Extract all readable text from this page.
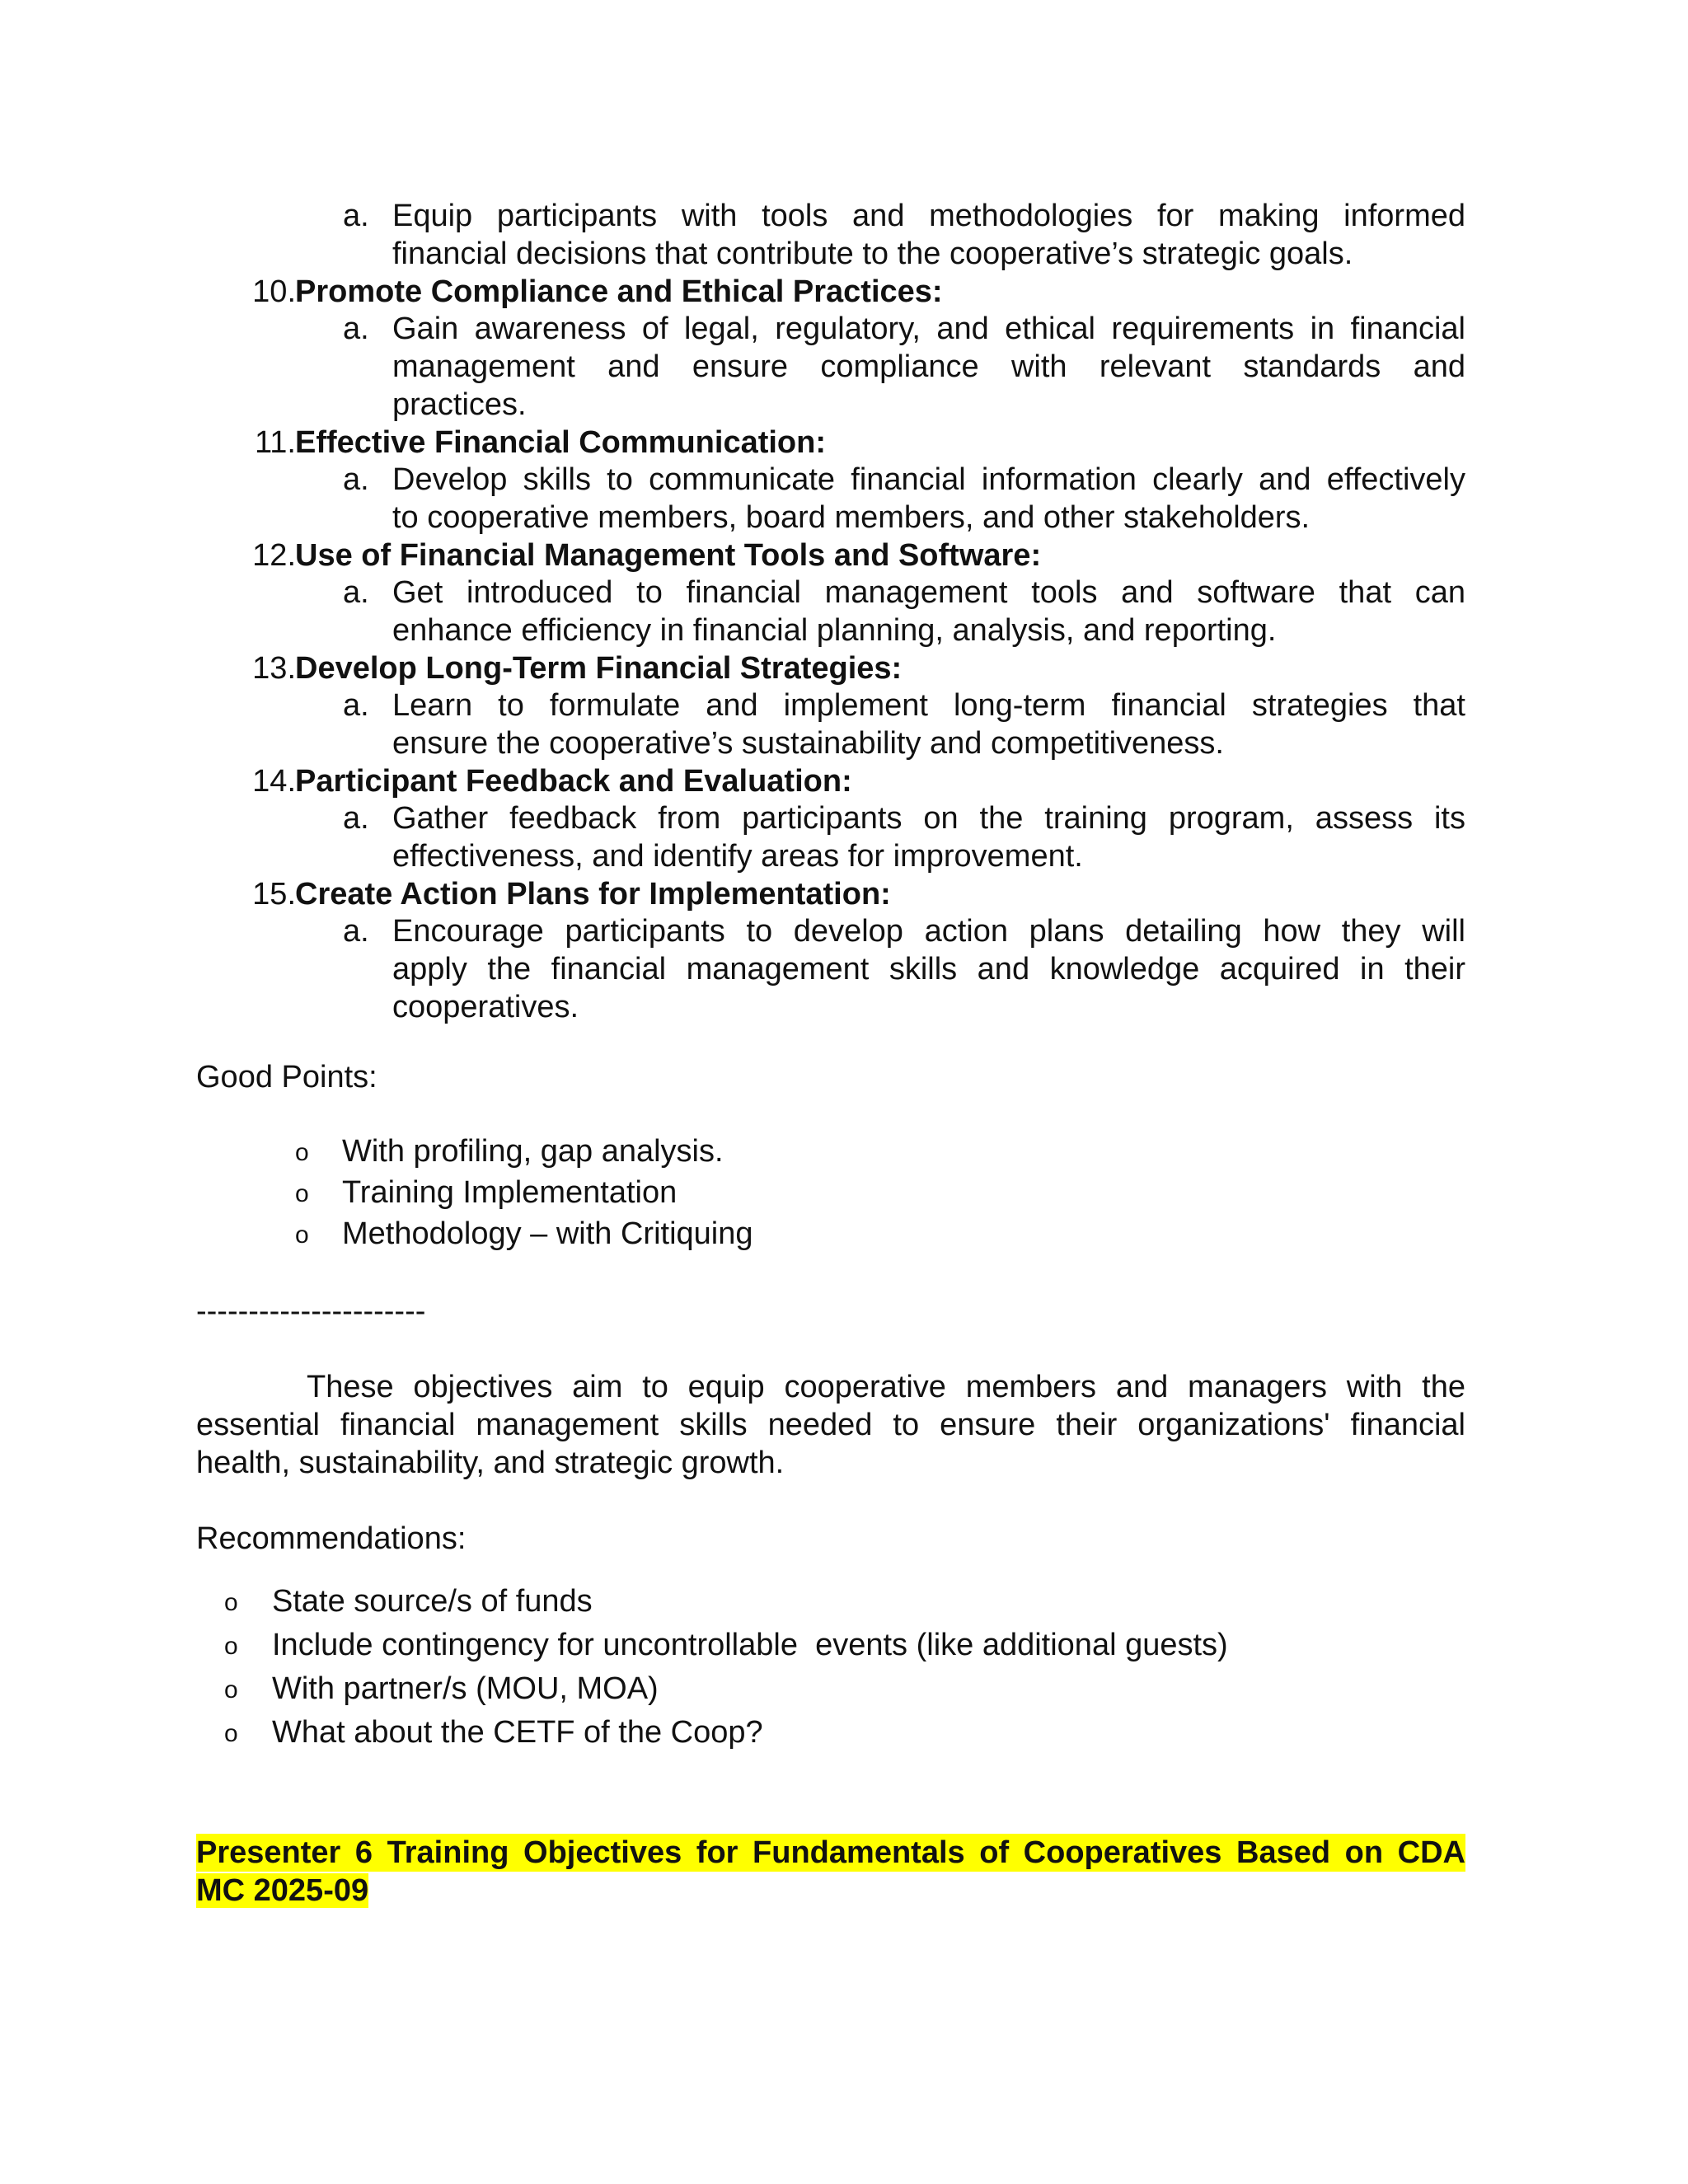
a. Equip participants with tools and methodologies for making informed
financial decisions that contribute to the cooperative’s strategic goals.
10. Promote Compliance and Ethical Practices:
a. Gain awareness of legal, regulatory, and ethical requirements in financial
management and ensure compliance with relevant standards and
practices.
11. Effective Financial Communication:
a. Develop skills to communicate financial information clearly and effectively
to cooperative members, board members, and other stakeholders.
12. Use of Financial Management Tools and Software:
a. Get introduced to financial management tools and software that can
enhance efficiency in financial planning, analysis, and reporting.
13. Develop Long-Term Financial Strategies:
a. Learn to formulate and implement long-term financial strategies that
ensure the cooperative’s sustainability and competitiveness.
14. Participant Feedback and Evaluation:
a. Gather feedback from participants on the training program, assess its
effectiveness, and identify areas for improvement.
15. Create Action Plans for Implementation:
a. Encourage participants to develop action plans detailing how they will
apply the financial management skills and knowledge acquired in their
cooperatives.
Good Points:
o With profiling, gap analysis.
o Training Implementation
o Methodology – with Critiquing
----------------------
These objectives aim to equip cooperative members and managers with the
essential financial management skills needed to ensure their organizations' financial
health, sustainability, and strategic growth.
Recommendations:
o State source/s of funds
o Include contingency for uncontrollable  events (like additional guests)
o With partner/s (MOU, MOA)
o What about the CETF of the Coop?
Presenter 6 Training Objectives for Fundamentals of Cooperatives Based on CDA
MC 2025-09
